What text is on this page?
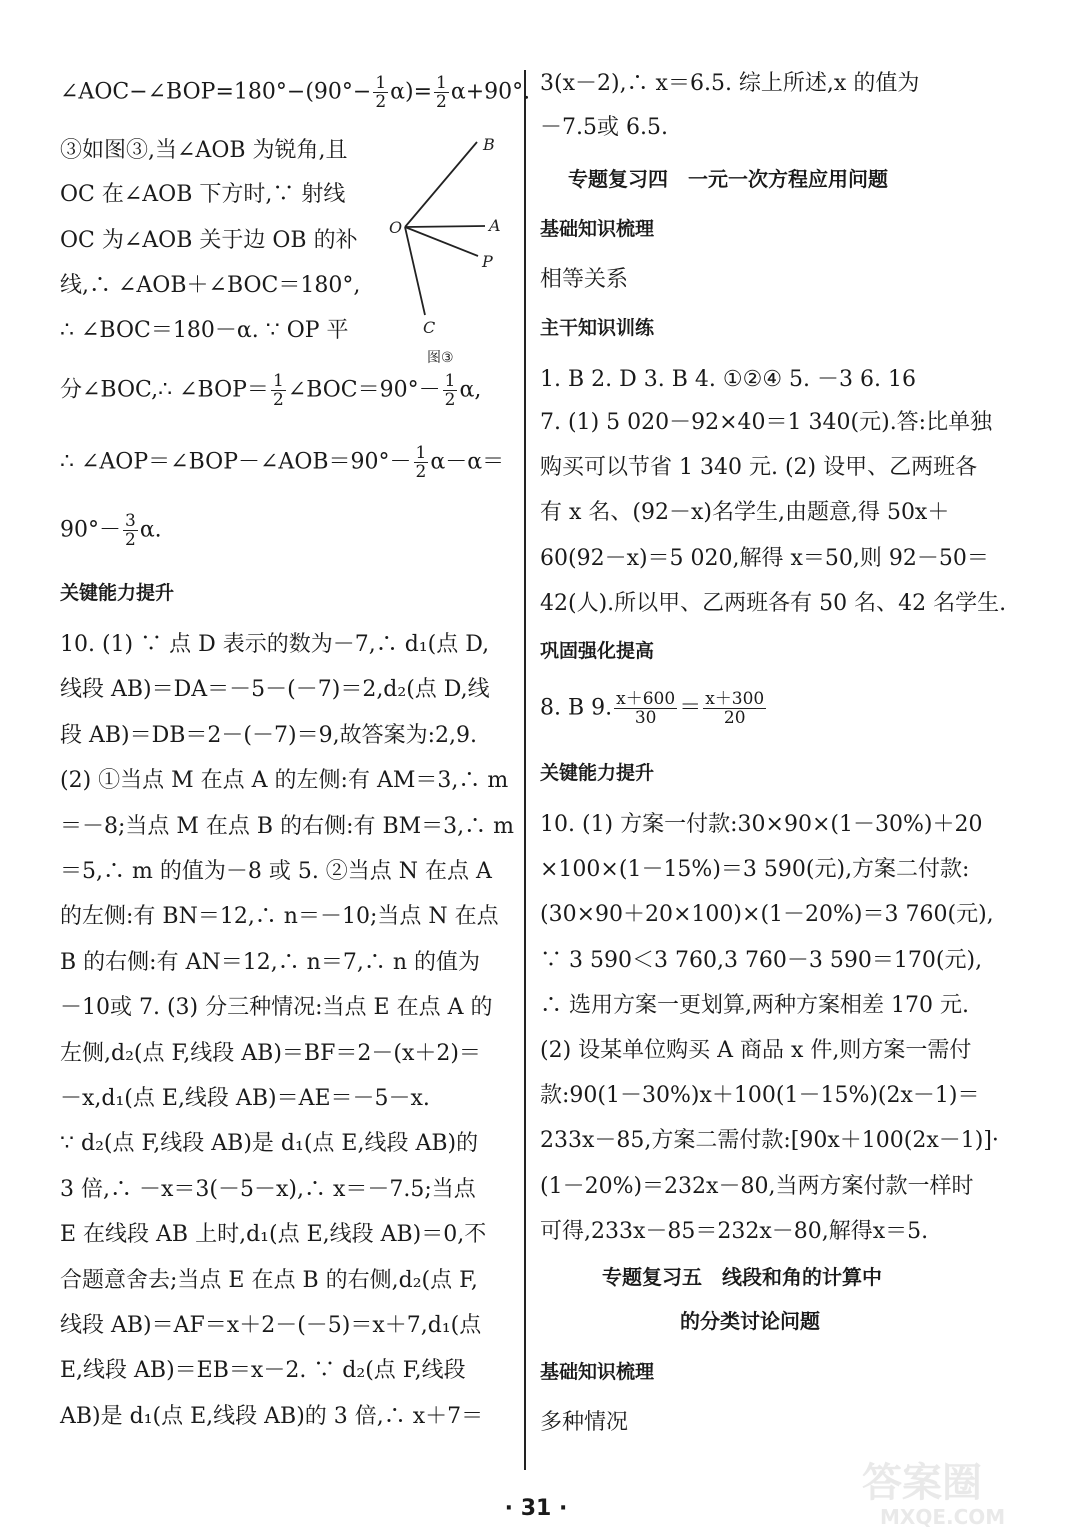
∠AOC−∠BOP=180°−(90°− $\frac{1}{2} \alpha)= \frac{1}{2} \alpha+90^\circ$.
③如图③,当∠AOB 为锐角,且
OC 在∠AOB 下方时,∵ 射线
OC 为∠AOB 关于边 OB 的补
线,∴ ∠AOB＋∠BOC＝180°,
∴ ∠BOC＝180－α. ∵ OP 平
分∠BOC,∴ ∠BOP＝ $\frac{1}{2}$ ∠BOC＝90°－ $\frac{1}{2} \alpha$,
∴ ∠AOP＝∠BOP－∠AOB＝90°－ $\frac{1}{2} \alpha-\alpha=$
$90^\circ- \frac{3}{2} \alpha$.
关键能力提升
10. (1) ∵ 点 D 表示的数为－7,∴ d₁(点 D,
线段 AB)＝DA＝－5－(－7)＝2,d₂(点 D,线
段 AB)＝DB＝2－(－7)＝9,故答案为:2,9.
(2) ①当点 M 在点 A 的左侧:有 AM＝3,∴ m
＝－8;当点 M 在点 B 的右侧:有 BM＝3,∴ m
＝5,∴ m 的值为－8 或 5. ②当点 N 在点 A
的左侧:有 BN＝12,∴ n＝－10;当点 N 在点
B 的右侧:有 AN＝12,∴ n＝7,∴ n 的值为
－10或 7. (3) 分三种情况:当点 E 在点 A 的
左侧,d₂(点 F,线段 AB)＝BF＝2－(x＋2)＝
－x,d₁(点 E,线段 AB)＝AE＝－5－x.
∵ d₂(点 F,线段 AB)是 d₁(点 E,线段 AB)的
3 倍,∴ －x＝3(－5－x),∴ x＝－7.5;当点
E 在线段 AB 上时,d₁(点 E,线段 AB)＝0,不
合题意舍去;当点 E 在点 B 的右侧,d₂(点 F,
线段 AB)＝AF＝x＋2－(－5)＝x＋7,d₁(点
E,线段 AB)＝EB＝x－2. ∵ d₂(点 F,线段
AB)是 d₁(点 E,线段 AB)的 3 倍,∴ x＋7＝
B
O	A
P
C
图③
3(x－2),∴ x＝6.5. 综上所述,x 的值为
－7.5或 6.5.
专题复习四　一元一次方程应用问题
基础知识梳理
相等关系
主干知识训练
1. B 2. D 3. B 4. ①②④ 5. －3 6. 16
7. (1) 5 020－92×40＝1 340(元).答:比单独
购买可以节省 1 340 元. (2) 设甲、乙两班各
有 x 名、(92－x)名学生,由题意,得 50x＋
60(92－x)＝5 020,解得 x＝50,则 92－50＝
42(人).所以甲、乙两班各有 50 名、42 名学生.
巩固强化提高
8. B 9. $\frac{x+600}{30} = \frac{x+300}{20}$
关键能力提升
10. (1) 方案一付款:30×90×(1－30%)＋20
×100×(1－15%)＝3 590(元),方案二付款:
(30×90＋20×100)×(1－20%)＝3 760(元),
∵ 3 590＜3 760,3 760－3 590＝170(元),
∴ 选用方案一更划算,两种方案相差 170 元.
(2) 设某单位购买 A 商品 x 件,则方案一需付
款:90(1－30%)x＋100(1－15%)(2x－1)＝
233x－85,方案二需付款:[90x＋100(2x－1)]·
(1－20%)＝232x－80,当两方案付款一样时
可得,233x－85＝232x－80,解得x＝5.
专题复习五　线段和角的计算中
的分类讨论问题
基础知识梳理
多种情况
· 31 ·
答案圈
MXQE.COM
